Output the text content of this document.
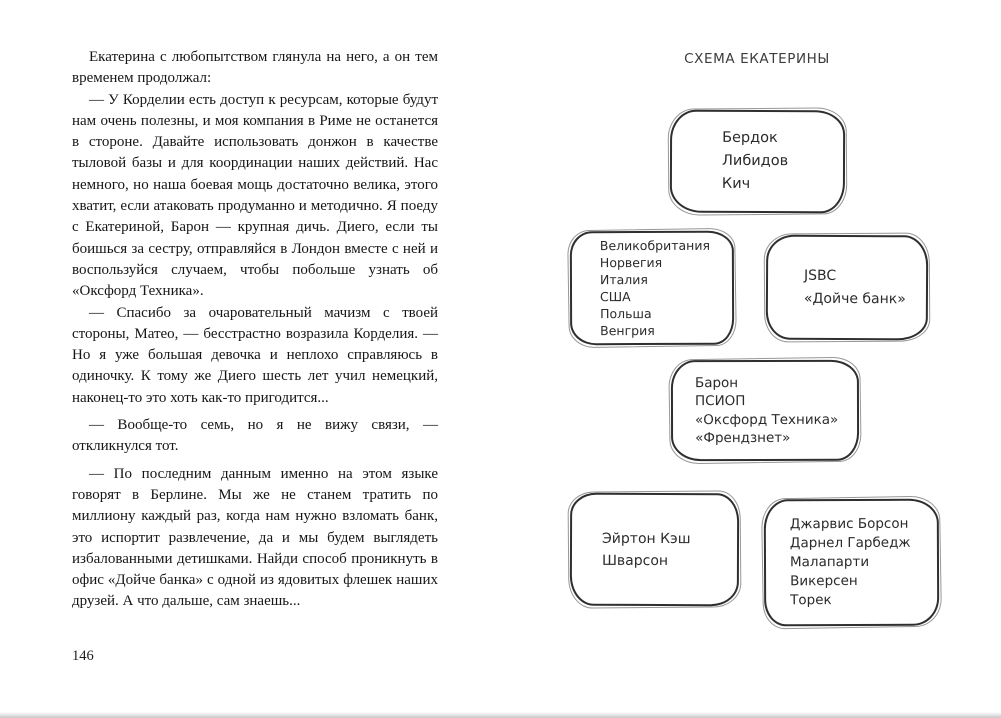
Екатерина с любопытством глянула на него, а он тем временем продолжал:

— У Корделии есть доступ к ресурсам, которые будут нам очень полезны, и моя компания в Риме не останется в стороне. Давайте использовать донжон в качестве тыловой базы и для координации наших действий. Нас немного, но наша боевая мощь достаточно велика, этого хватит, если атаковать продуманно и методично. Я поеду с Екатериной, Барон — крупная дичь. Диего, если ты боишься за сестру, отправляйся в Лондон вместе с ней и воспользуйся случаем, чтобы побольше узнать об «Оксфорд Техника».

— Спасибо за очаровательный мачизм с твоей стороны, Матео, — бесстрастно возразила Корделия. — Но я уже большая девочка и неплохо справляюсь в одиночку. К тому же Диего шесть лет учил немецкий, наконец-то это хоть как-то пригодится...

— Вообще-то семь, но я не вижу связи, — откликнулся тот.

— По последним данным именно на этом языке говорят в Берлине. Мы же не станем тратить по миллиону каждый раз, когда нам нужно взломать банк, это испортит развлечение, да и мы будем выглядеть избалованными детишками. Найди способ проникнуть в офис «Дойче банка» с одной из ядовитых флешек наших друзей. А что дальше, сам знаешь...

146
СХЕМА ЕКАТЕРИНЫ
Бердок
Либидов
Кич
Великобритания
Норвегия
Италия
США
Польша
Венгрия
JSBC
«Дойче банк»
Барон
ПСИОП
«Оксфорд Техника»
«Френдзнет»
Эйртон Кэш
Шварсон
Джарвис Борсон
Дарнел Гарбедж
Малапарти
Викерсен
Торек
